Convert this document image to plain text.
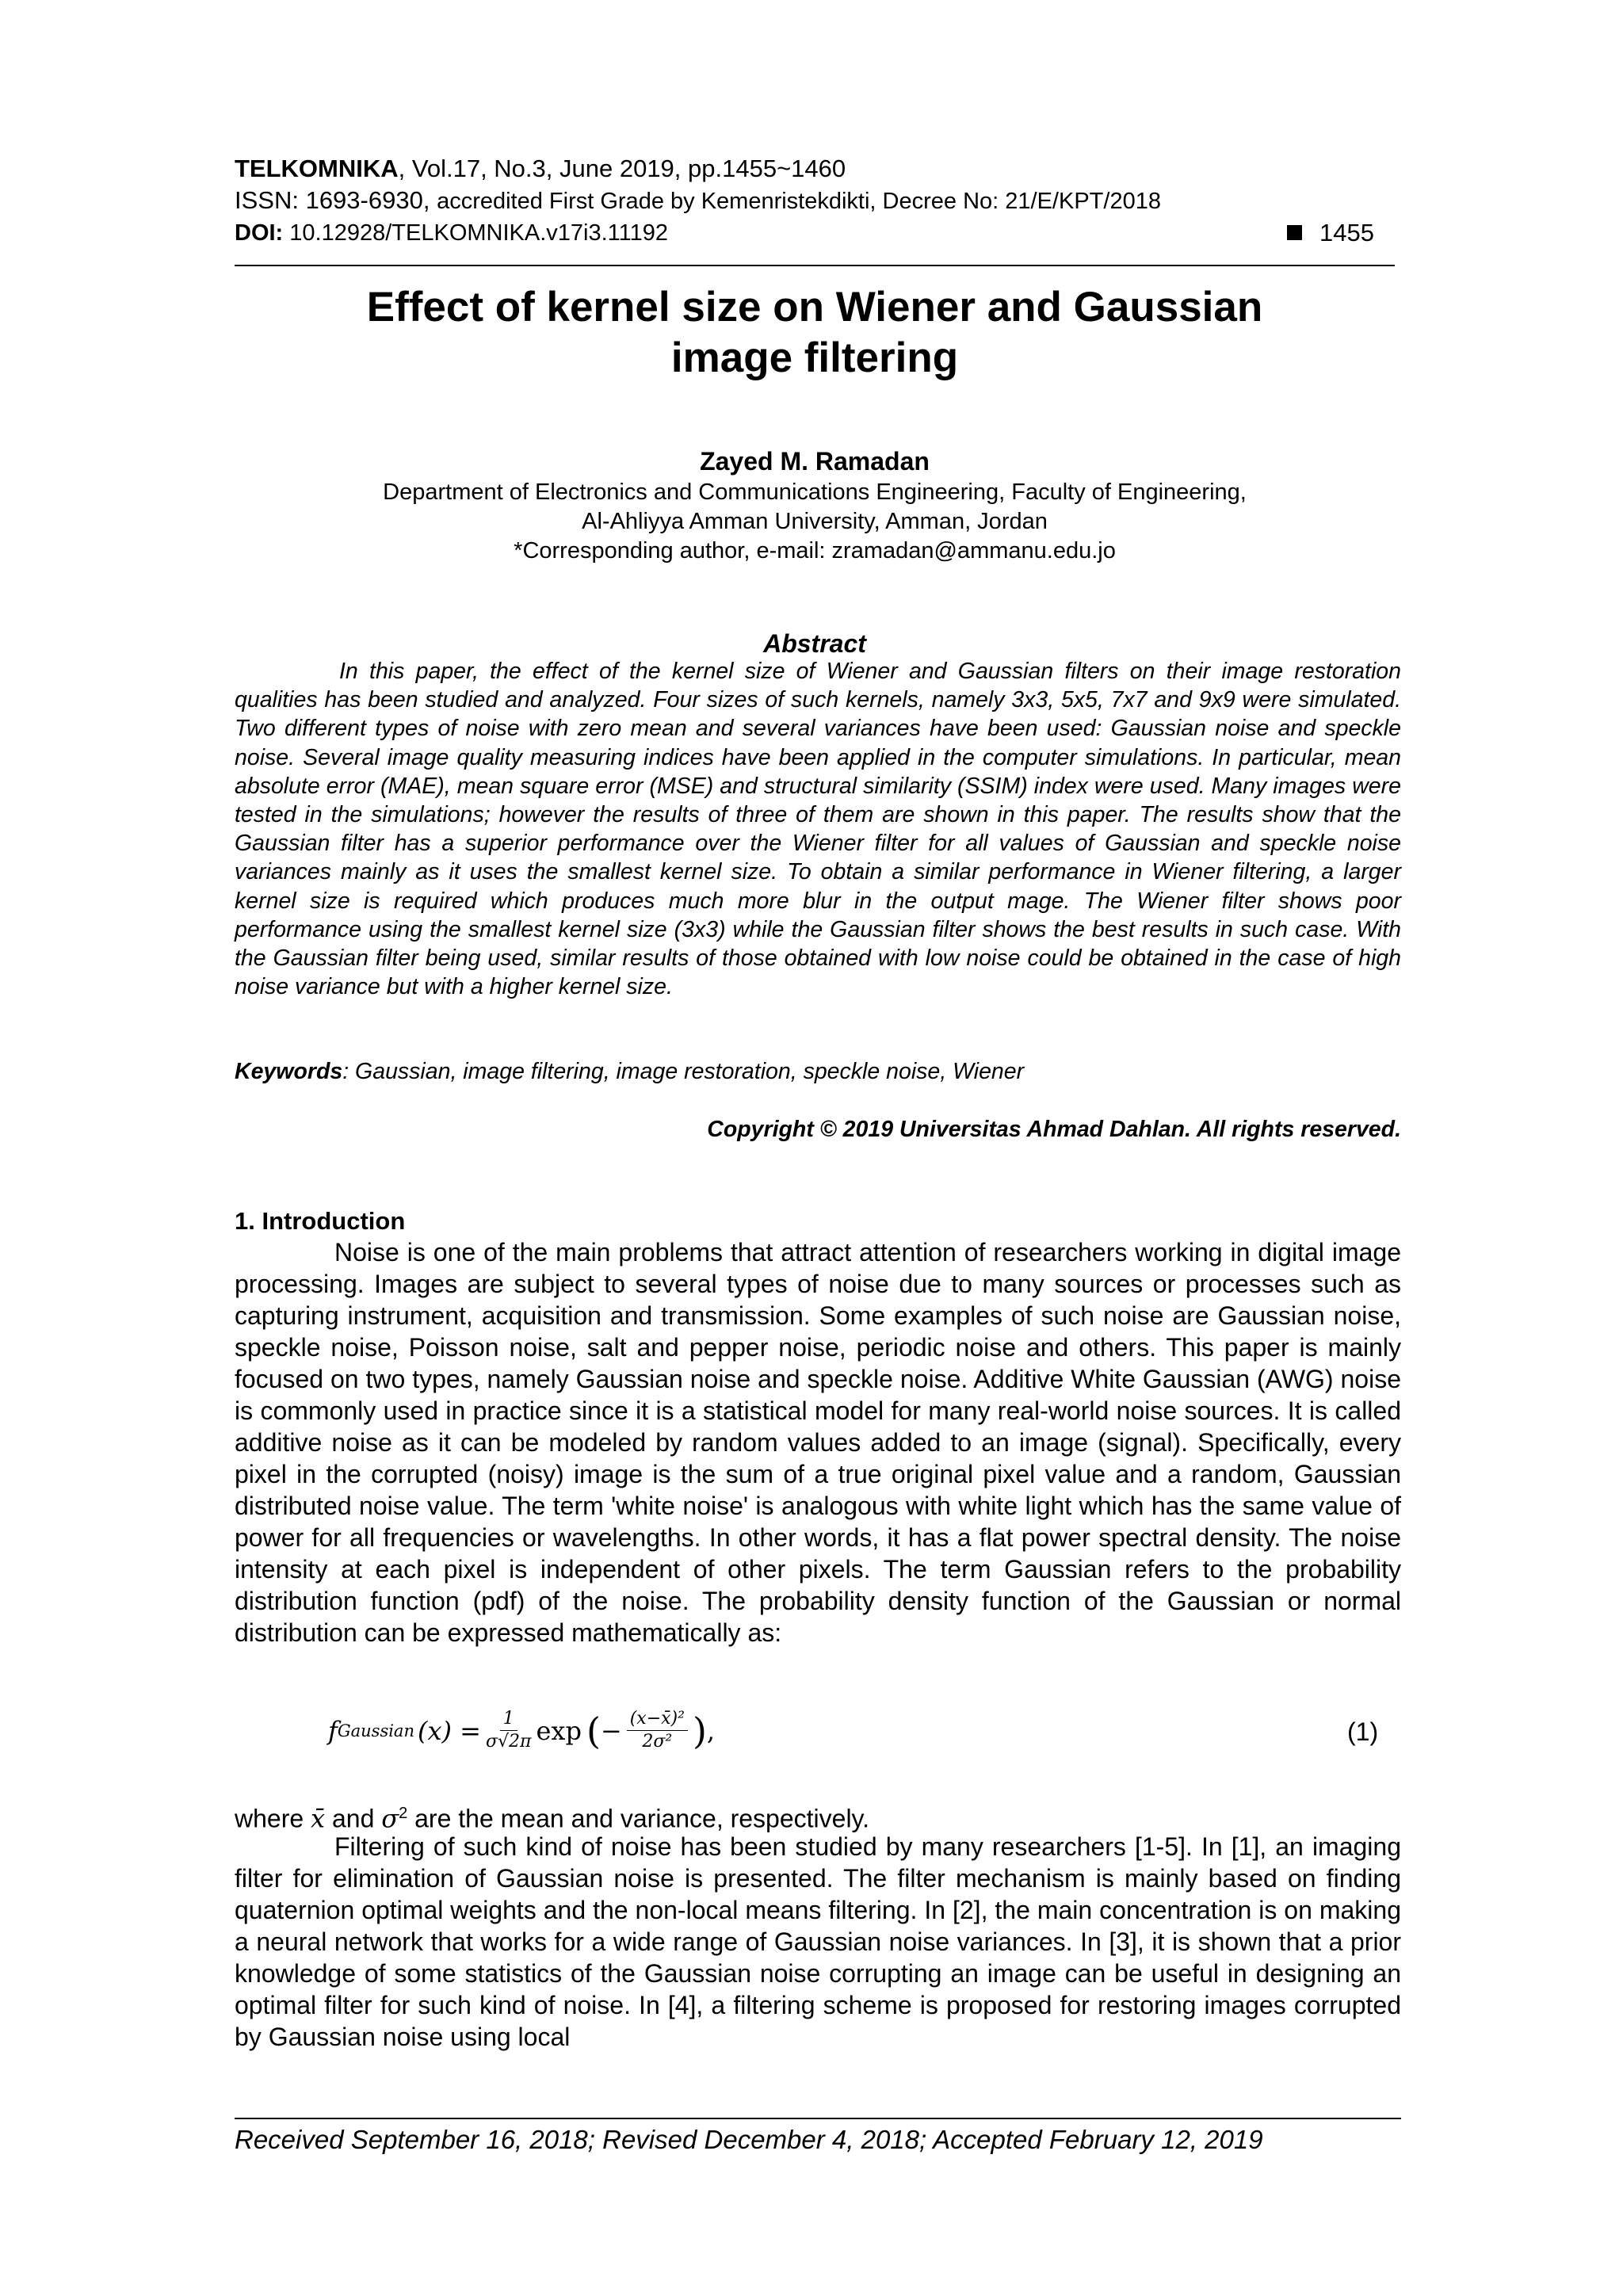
TELKOMNIKA, Vol.17, No.3, June 2019, pp.1455~1460
ISSN: 1693-6930, accredited First Grade by Kemenristekdikti, Decree No: 21/E/KPT/2018
DOI: 10.12928/TELKOMNIKA.v17i3.11192	1455
Effect of kernel size on Wiener and Gaussian
image filtering
Zayed M. Ramadan
Department of Electronics and Communications Engineering, Faculty of Engineering,
Al-Ahliyya Amman University, Amman, Jordan
*Corresponding author, e-mail: zramadan@ammanu.edu.jo
Abstract
In this paper, the effect of the kernel size of Wiener and Gaussian filters on their image restoration qualities has been studied and analyzed. Four sizes of such kernels, namely 3x3, 5x5, 7x7 and 9x9 were simulated. Two different types of noise with zero mean and several variances have been used: Gaussian noise and speckle noise. Several image quality measuring indices have been applied in the computer simulations. In particular, mean absolute error (MAE), mean square error (MSE) and structural similarity (SSIM) index were used. Many images were tested in the simulations; however the results of three of them are shown in this paper. The results show that the Gaussian filter has a superior performance over the Wiener filter for all values of Gaussian and speckle noise variances mainly as it uses the smallest kernel size. To obtain a similar performance in Wiener filtering, a larger kernel size is required which produces much more blur in the output mage. The Wiener filter shows poor performance using the smallest kernel size (3x3) while the Gaussian filter shows the best results in such case. With the Gaussian filter being used, similar results of those obtained with low noise could be obtained in the case of high noise variance but with a higher kernel size.
Keywords: Gaussian, image filtering, image restoration, speckle noise, Wiener
Copyright © 2019 Universitas Ahmad Dahlan. All rights reserved.
1. Introduction
Noise is one of the main problems that attract attention of researchers working in digital image processing. Images are subject to several types of noise due to many sources or processes such as capturing instrument, acquisition and transmission. Some examples of such noise are Gaussian noise, speckle noise, Poisson noise, salt and pepper noise, periodic noise and others. This paper is mainly focused on two types, namely Gaussian noise and speckle noise. Additive White Gaussian (AWG) noise is commonly used in practice since it is a statistical model for many real-world noise sources. It is called additive noise as it can be modeled by random values added to an image (signal). Specifically, every pixel in the corrupted (noisy) image is the sum of a true original pixel value and a random, Gaussian distributed noise value. The term 'white noise' is analogous with white light which has the same value of power for all frequencies or wavelengths. In other words, it has a flat power spectral density. The noise intensity at each pixel is independent of other pixels. The term Gaussian refers to the probability distribution function (pdf) of the noise. The probability density function of the Gaussian or normal distribution can be expressed mathematically as:
f Gaussian $(x) = \frac{1}{\sigma√2\pi}$ exp ( − $\frac{\text{(x−x̄)²}}{\text{2σ²}}$ ) ,	(1)
where x̄ and $\sigma^2$ are the mean and variance, respectively.
Filtering of such kind of noise has been studied by many researchers [1-5]. In [1], an imaging filter for elimination of Gaussian noise is presented. The filter mechanism is mainly based on finding quaternion optimal weights and the non-local means filtering. In [2], the main concentration is on making a neural network that works for a wide range of Gaussian noise variances. In [3], it is shown that a prior knowledge of some statistics of the Gaussian noise corrupting an image can be useful in designing an optimal filter for such kind of noise. In [4], a filtering scheme is proposed for restoring images corrupted by Gaussian noise using local
Received September 16, 2018; Revised December 4, 2018; Accepted February 12, 2019
